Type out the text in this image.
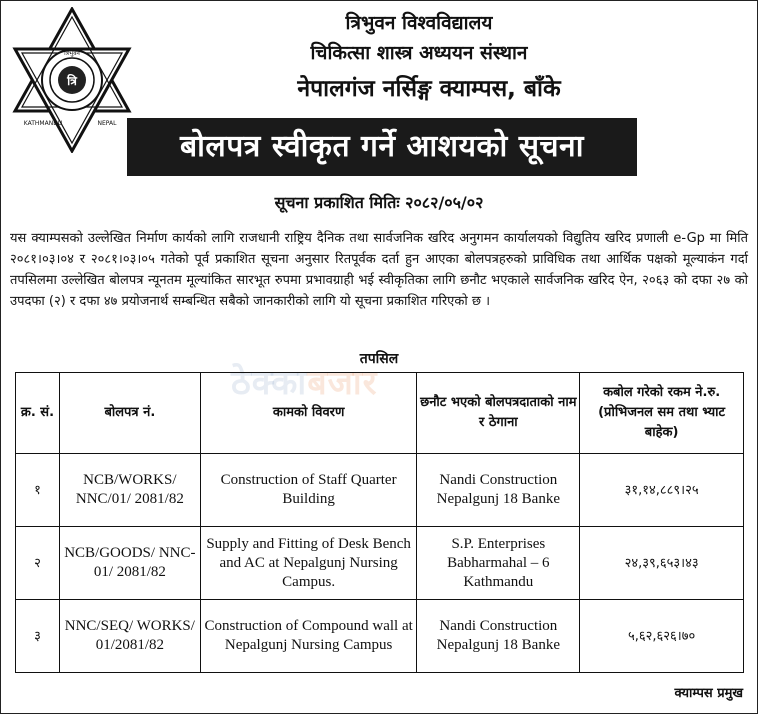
त्रि
त्रिभुवन
KATHMANDU	NEPAL
त्रिभुवन विश्वविद्यालय
चिकित्सा शास्त्र अध्ययन संस्थान
नेपालगंज नर्सिङ्ग क्याम्पस, बाँके
बोलपत्र स्वीकृत गर्ने आशयको सूचना
सूचना प्रकाशित मितिः २०८२/०५/०२
यस क्याम्पसको उल्लेखित निर्माण कार्यको लागि राजधानी राष्ट्रिय दैनिक तथा सार्वजनिक खरिद अनुगमन कार्यालयको विद्युतिय खरिद प्रणाली e-Gp मा मिति २०८१।०३।०४ र २०८१।०३।०५ गतेको पूर्व प्रकाशित सूचना अनुसार रितपूर्वक दर्ता हुन आएका बोलपत्रहरुको प्राविधिक तथा आर्थिक पक्षको मूल्याकंन गर्दा तपसिलमा उल्लेखित बोलपत्र न्यूनतम मूल्यांकित सारभूत रुपमा प्रभावग्राही भई स्वीकृतिका लागि छनौट भएकाले सार्वजनिक खरिद ऐन, २०६३ को दफा २७ को उपदफा (२) र दफा ४७ प्रयोजनार्थ सम्बन्धित सबैको जानकारीको लागि यो सूचना प्रकाशित गरिएको छ ।
तपसिल
ठेक्काबजार
क्र. सं.	बोलपत्र नं.	कामको विवरण	छनौट भएको बोलपत्रदाताको नाम र ठेगाना	कबोल गरेको रकम ने.रु. (प्रोभिजनल सम तथा भ्याट बाहेक)
१	NCB/WORKS/ NNC/01/ 2081/82	Construction of Staff Quarter Building	Nandi Construction Nepalgunj 18 Banke	३१,१४,८८९।२५
२	NCB/GOODS/ NNC-01/ 2081/82	Supply and Fitting of Desk Bench and AC at Nepalgunj Nursing Campus.	S.P. Enterprises Babharmahal – 6 Kathmandu	२४,३९,६५३।४३
३	NNC/SEQ/ WORKS/ 01/2081/82	Construction of Compound wall at Nepalgunj Nursing Campus	Nandi Construction Nepalgunj 18 Banke	५,६२,६२६।७०
क्याम्पस प्रमुख
